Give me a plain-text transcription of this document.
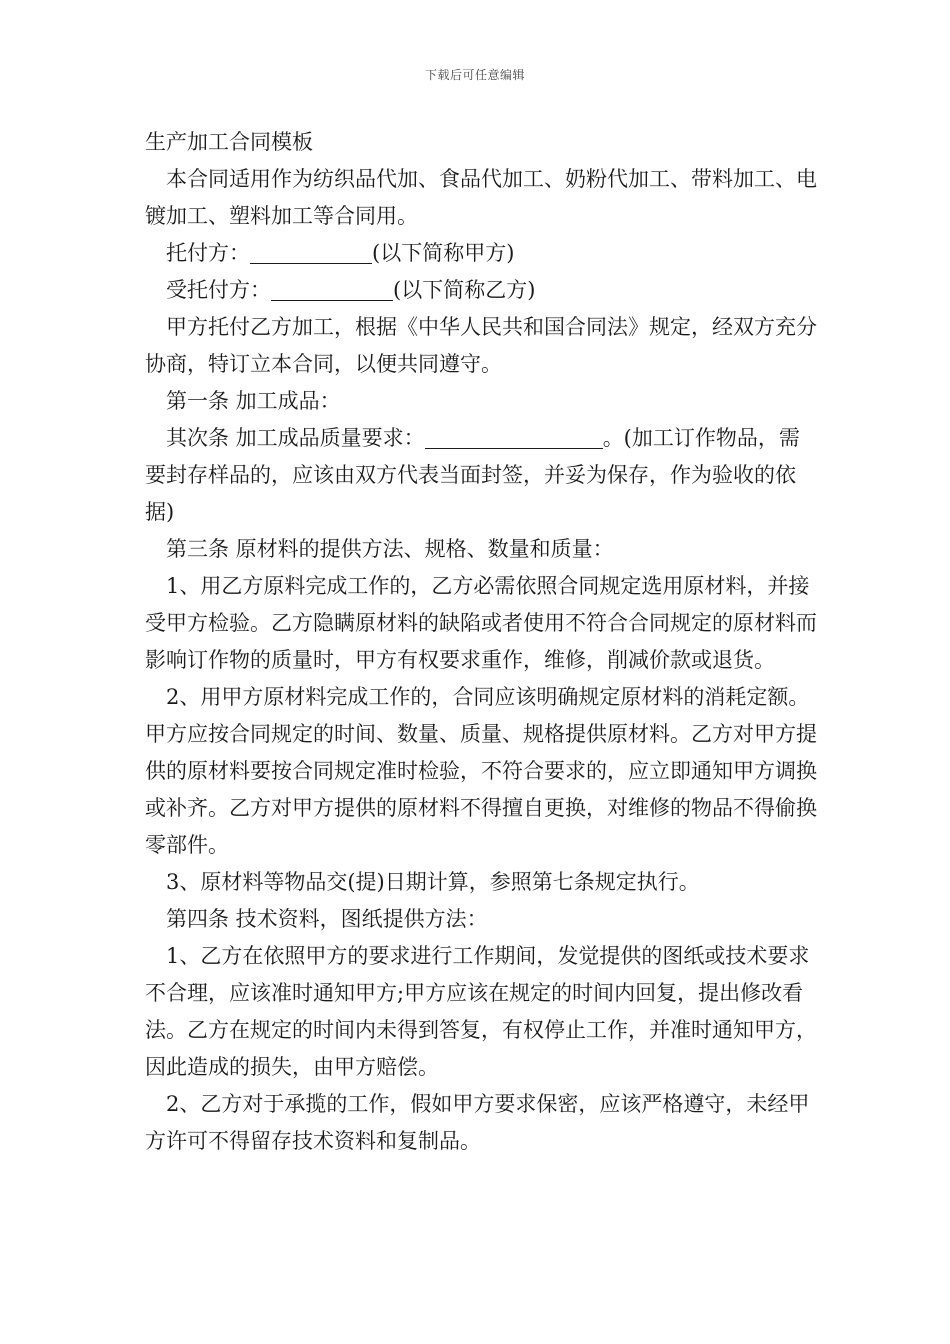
下载后可任意编辑

生产加工合同模板

本合同适用作为纺织品代加、食品代加工、奶粉代加工、带料加工、电镀加工、塑料加工等合同用。

托付方：	(以下简称甲方)

受托付方：	(以下简称乙方)

甲方托付乙方加工，根据《中华人民共和国合同法》规定，经双方充分协商，特订立本合同，以便共同遵守。

第一条 加工成品：

其次条 加工成品质量要求：	。(加工订作物品，需要封存样品的，应该由双方代表当面封签，并妥为保存，作为验收的依据)

第三条 原材料的提供方法、规格、数量和质量：

1、用乙方原料完成工作的，乙方必需依照合同规定选用原材料，并接受甲方检验。乙方隐瞒原材料的缺陷或者使用不符合合同规定的原材料而影响订作物的质量时，甲方有权要求重作，维修，削减价款或退货。

2、用甲方原材料完成工作的，合同应该明确规定原材料的消耗定额。甲方应按合同规定的时间、数量、质量、规格提供原材料。乙方对甲方提供的原材料要按合同规定准时检验，不符合要求的，应立即通知甲方调换或补齐。乙方对甲方提供的原材料不得擅自更换，对维修的物品不得偷换零部件。

3、原材料等物品交(提)日期计算，参照第七条规定执行。

第四条 技术资料，图纸提供方法：

1、乙方在依照甲方的要求进行工作期间，发觉提供的图纸或技术要求不合理，应该准时通知甲方;甲方应该在规定的时间内回复，提出修改看法。乙方在规定的时间内未得到答复，有权停止工作，并准时通知甲方，因此造成的损失，由甲方赔偿。

2、乙方对于承揽的工作，假如甲方要求保密，应该严格遵守，未经甲方许可不得留存技术资料和复制品。
